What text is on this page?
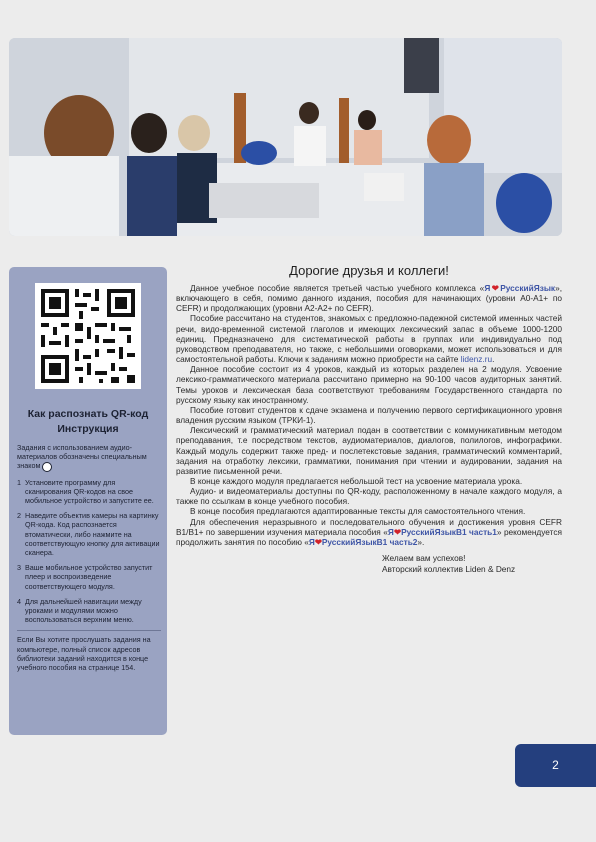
Как распознать QR-код
Инструкция
Задания с использованием аудио-материалов обозначены специальным знаком
1 Установите программу для сканирования QR-кодов на свое мобильное устройство и запустите ее.
2 Наведите объектив камеры на картинку QR-кода. Код распознается втоматически, либо нажмите на соответствующую кнопку для активации сканера.
3 Ваше мобильное устройство запустит плеер и воспроизведение соответствующего модуля.
4 Для дальнейшей навигации между уроками и модулями можно воспользоваться верхним меню.
Если Вы хотите прослушать задания на компьютере, полный список адресов библиотеки заданий находится в конце учебного пособия на странице 154.
Дорогие друзья и коллеги!

Данное учебное пособие является третьей частью учебного комплекса «Я❤РусскийЯзык», включающего в себя, помимо данного издания, пособия для начинающих (уровни A0-A1+ по CEFR) и продолжающих (уровни A2-A2+ по CEFR).

Пособие рассчитано на студентов, знакомых с предложно-падежной системой именных частей речи, видо-временной системой глаголов и имеющих лексический запас в объеме 1000-1200 единиц. Предназначено для систематической работы в группах или индивидуально под руководством преподавателя, но также, с небольшими оговорками, может использоваться и для самостоятельной работы. Ключи к заданиям можно приобрести на сайте lidenz.ru.

Данное пособие состоит из 4 уроков, каждый из которых разделен на 2 модуля. Усвоение лексико-грамматического материала рассчитано примерно на 90-100 часов аудиторных занятий. Темы уроков и лексическая база соответствуют требованиям Государственного стандарта по русскому языку как иностранному.

Пособие готовит студентов к сдаче экзамена и получению первого сертификационного уровня владения русским языком (ТРКИ-1).

Лексический и грамматический материал подан в соответствии с коммуникативным методом преподавания, т.е посредством текстов, аудиоматериалов, диалогов, полилогов, инфографики. Каждый модуль содержит также пред- и послетекстовые задания, грамматический комментарий, задания на отработку лексики, грамматики, понимания при чтении и аудировании, задания на развитие письменной речи.

В конце каждого модуля предлагается небольшой тест на усвоение материала урока.

Аудио- и видеоматериалы доступны по QR-коду, расположенному в начале каждого модуля, а также по ссылкам в конце учебного пособия.

В конце пособия предлагаются адаптированные тексты для самостоятельного чтения.

Для обеспечения неразрывного и последовательного обучения и достижения уровня CEFR B1/B1+ по завершении изучения материала пособия «Я❤РусскийЯзыкB1 часть1» рекомендуется продолжить занятия по пособию «Я❤РусскийЯзыкB1 часть2».

Желаем вам успехов!
Авторский коллектив Liden & Denz
2
